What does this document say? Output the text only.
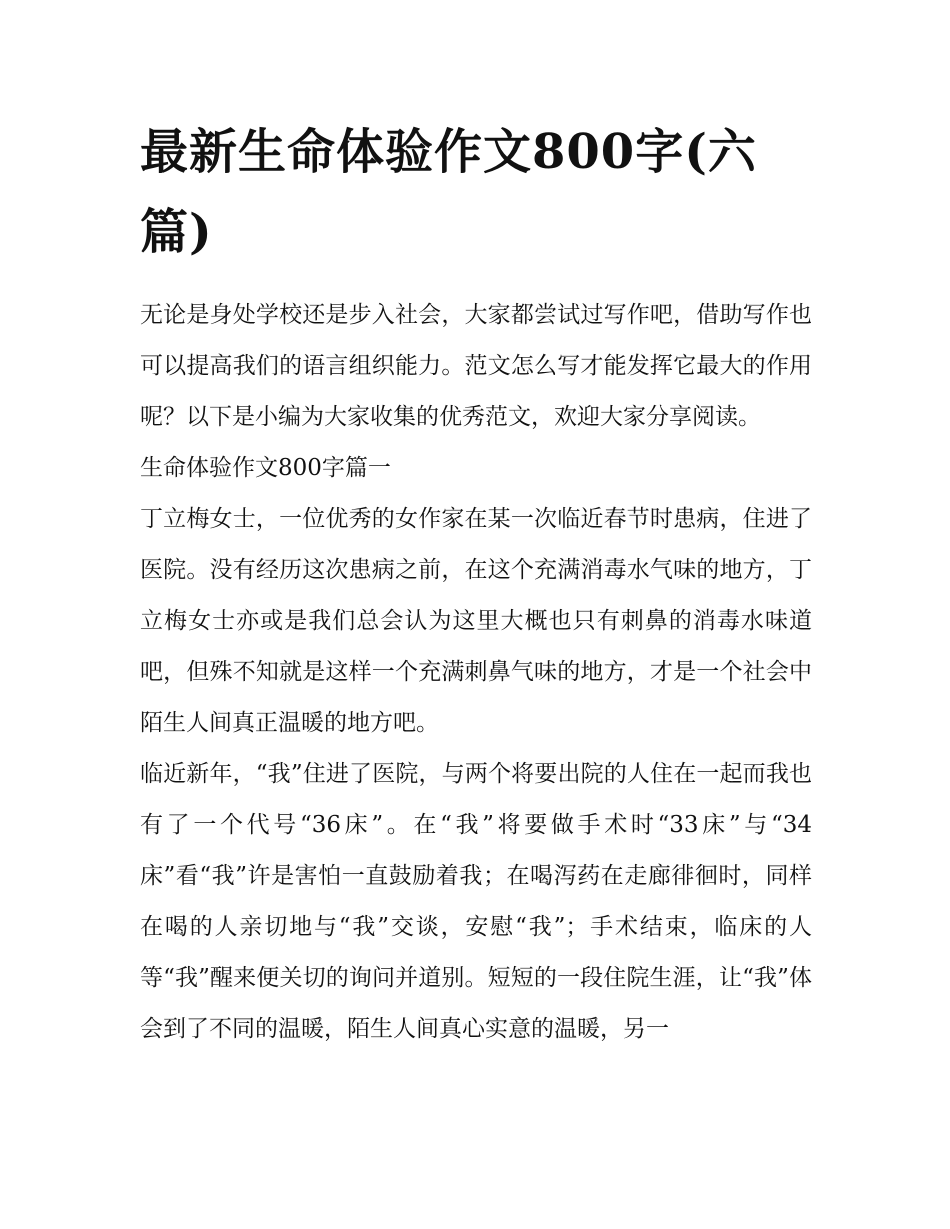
最新生命体验作文800字(六篇)

无论是身处学校还是步入社会，大家都尝试过写作吧，借助写作也可以提高我们的语言组织能力。范文怎么写才能发挥它最大的作用呢？以下是小编为大家收集的优秀范文，欢迎大家分享阅读。

生命体验作文800字篇一

丁立梅女士，一位优秀的女作家在某一次临近春节时患病，住进了医院。没有经历这次患病之前，在这个充满消毒水气味的地方，丁立梅女士亦或是我们总会认为这里大概也只有刺鼻的消毒水味道吧，但殊不知就是这样一个充满刺鼻气味的地方，才是一个社会中陌生人间真正温暖的地方吧。

临近新年，“我”住进了医院，与两个将要出院的人住在一起而我也有了一个代号“36床”。在“我”将要做手术时“33床”与“34床”看“我”许是害怕一直鼓励着我；在喝泻药在走廊徘徊时，同样在喝的人亲切地与“我”交谈，安慰“我”；手术结束，临床的人等“我”醒来便关切的询问并道别。短短的一段住院生涯，让“我”体会到了不同的温暖，陌生人间真心实意的温暖，另一
